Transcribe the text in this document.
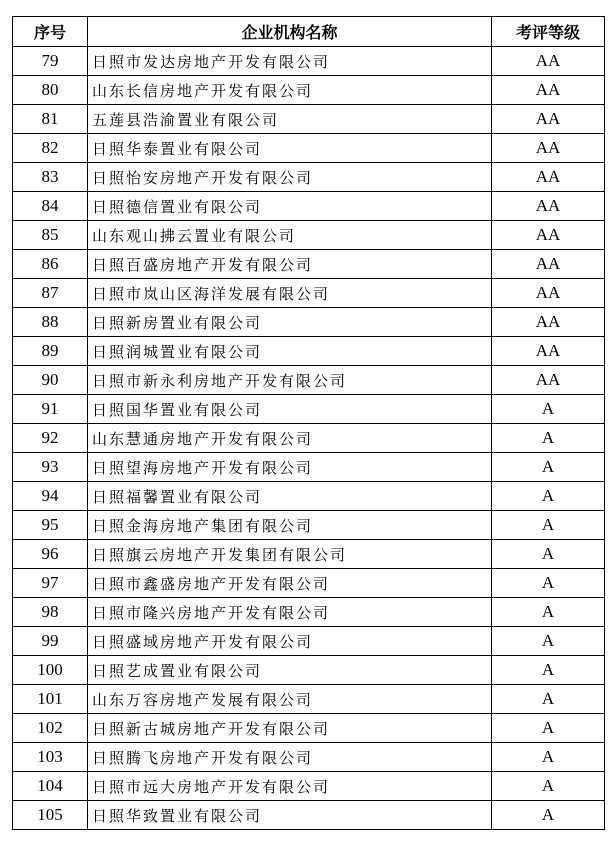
序号	企业机构名称	考评等级
79	日照市发达房地产开发有限公司	AA
80	山东长信房地产开发有限公司	AA
81	五莲县浩渝置业有限公司	AA
82	日照华泰置业有限公司	AA
83	日照怡安房地产开发有限公司	AA
84	日照德信置业有限公司	AA
85	山东观山拂云置业有限公司	AA
86	日照百盛房地产开发有限公司	AA
87	日照市岚山区海洋发展有限公司	AA
88	日照新房置业有限公司	AA
89	日照润城置业有限公司	AA
90	日照市新永利房地产开发有限公司	AA
91	日照国华置业有限公司	A
92	山东慧通房地产开发有限公司	A
93	日照望海房地产开发有限公司	A
94	日照福馨置业有限公司	A
95	日照金海房地产集团有限公司	A
96	日照旗云房地产开发集团有限公司	A
97	日照市鑫盛房地产开发有限公司	A
98	日照市隆兴房地产开发有限公司	A
99	日照盛域房地产开发有限公司	A
100	日照艺成置业有限公司	A
101	山东万容房地产发展有限公司	A
102	日照新古城房地产开发有限公司	A
103	日照腾飞房地产开发有限公司	A
104	日照市远大房地产开发有限公司	A
105	日照华致置业有限公司	A
